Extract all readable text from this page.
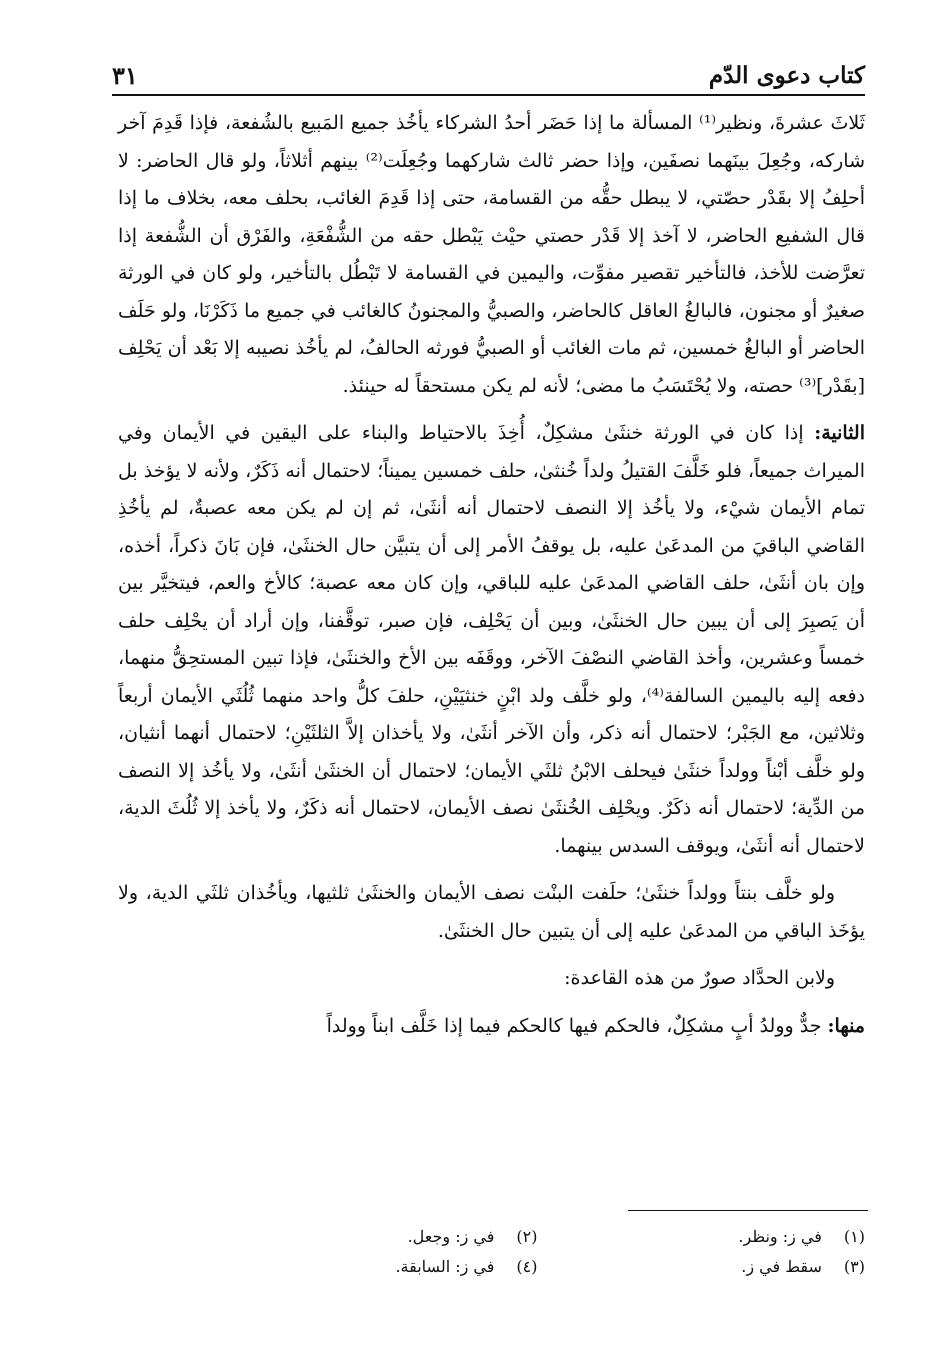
كتاب دعوى الدّم
٣١

ثَلاثَ عشرةَ، ونظير⁽¹⁾ المسألة ما إذا حَضَر أحدُ الشركاء يأخُذ جميع المَبيع بالشُفعة، فإذا قَدِمَ آخر شاركه، وجُعِلَ بينَهما نصفَين، وإذا حضر ثالث شاركهما وجُعِلَت⁽²⁾ بينهم أثلاثاً، ولو قال الحاضر: لا أحلِفُ إلا بقَدْر حصّتي، لا يبطل حقُّه من القسامة، حتى إذا قَدِمَ الغائب، بحلف معه، بخلاف ما إذا قال الشفيع الحاضر، لا آخذ إلا قَدْر حصتي حيْث يَبْطل حقه من الشُّفْعَةِ، والفَرْق أن الشُّفعة إذا تعرَّضت للأخذ، فالتأخير تقصير مفوِّت، واليمين في القسامة لا تَبْطُل بالتأخير، ولو كان في الورثة صغيرٌ أو مجنون، فالبالغُ العاقل كالحاضر، والصبيُّ والمجنونُ كالغائب في جميع ما ذَكَرْنَا، ولو حَلَف الحاضر أو البالغُ خمسين، ثم مات الغائب أو الصبيُّ فورثه الحالفُ، لم يأخُذ نصيبه إلا بَعْد أن يَحْلِف [بقَدْر]⁽³⁾ حصته، ولا يُحْتَسَبُ ما مضى؛ لأنه لم يكن مستحقاً له حينئذ.

الثانية: إذا كان في الورثة خنثَىٰ مشكِلٌ، أُخِذَ بالاحتياط والبناء على اليقين في الأيمان وفي الميراث جميعاً، فلو خَلَّفَ القتيلُ ولداً خُنثىٰ، حلف خمسين يميناً؛ لاحتمال أنه ذَكَرٌ، ولأنه لا يؤخذ بل تمام الأيمان شيْء، ولا يأخُذ إلا النصف لاحتمال أنه أنثَىٰ، ثم إن لم يكن معه عصبةٌ، لم يأخُذِ القاضي الباقيَ من المدعَىٰ عليه، بل يوقفُ الأمر إلى أن يتبيَّن حال الخنثَىٰ، فإن بَانَ ذكراً، أخذه، وإن بان أنثَىٰ، حلف القاضي المدعَىٰ عليه للباقي، وإن كان معه عصبة؛ كالأخ والعم، فيتخيَّر بين أن يَصبِرَ إلى أن يبين حال الخنثَىٰ، وبين أن يَحْلِف، فإن صبر، توقَّفنا، وإن أراد أن يحْلِف حلف خمساً وعشرين، وأخذ القاضي النصْفَ الآخر، ووقَفَه بين الأخ والخنثَىٰ، فإذا تبين المستحِقُّ منهما، دفعه إليه باليمين السالفة⁽⁴⁾، ولو خلَّف ولد ابْنٍ خنثيَيْنِ، حلفَ كلُّ واحد منهما ثُلُثَي الأيمان أربعاً وثلاثين، مع الجَبْر؛ لاحتمال أنه ذكر، وأن الآخر أنثَىٰ، ولا يأخذان إلاَّ الثلثَيْنِ؛ لاحتمال أنهما أنثيان، ولو خلَّف أبْناً وولداً خنثَىٰ فيحلف الابْنُ ثلثَي الأيمان؛ لاحتمال أن الخنثَىٰ أنثَىٰ، ولا يأخُذ إلا النصف من الدِّية؛ لاحتمال أنه ذكَرٌ. ويحْلِف الخُنثَىٰ نصف الأيمان، لاحتمال أنه ذكَرٌ، ولا يأخذ إلا ثُلُثَ الدية، لاحتمال أنه أنثَىٰ، ويوقف السدس بينهما.

ولو خلَّف بنتاً وولداً خنثَىٰ؛ حلَفت البنْت نصف الأيمان والخنثَىٰ ثلثيها، ويأخُذان ثلثَي الدية، ولا يؤخَذ الباقي من المدعَىٰ عليه إلى أن يتبين حال الخنثَىٰ.

ولابن الحدَّاد صورٌ من هذه القاعدة:

منها: جدٌّ وولدُ أبٍ مشكِلٌ، فالحكم فيها كالحكم فيما إذا خَلَّف ابناً وولداً

(١) في ز: ونظر.
(٢) في ز: وجعل.
(٣) سقط في ز.
(٤) في ز: السابقة.
